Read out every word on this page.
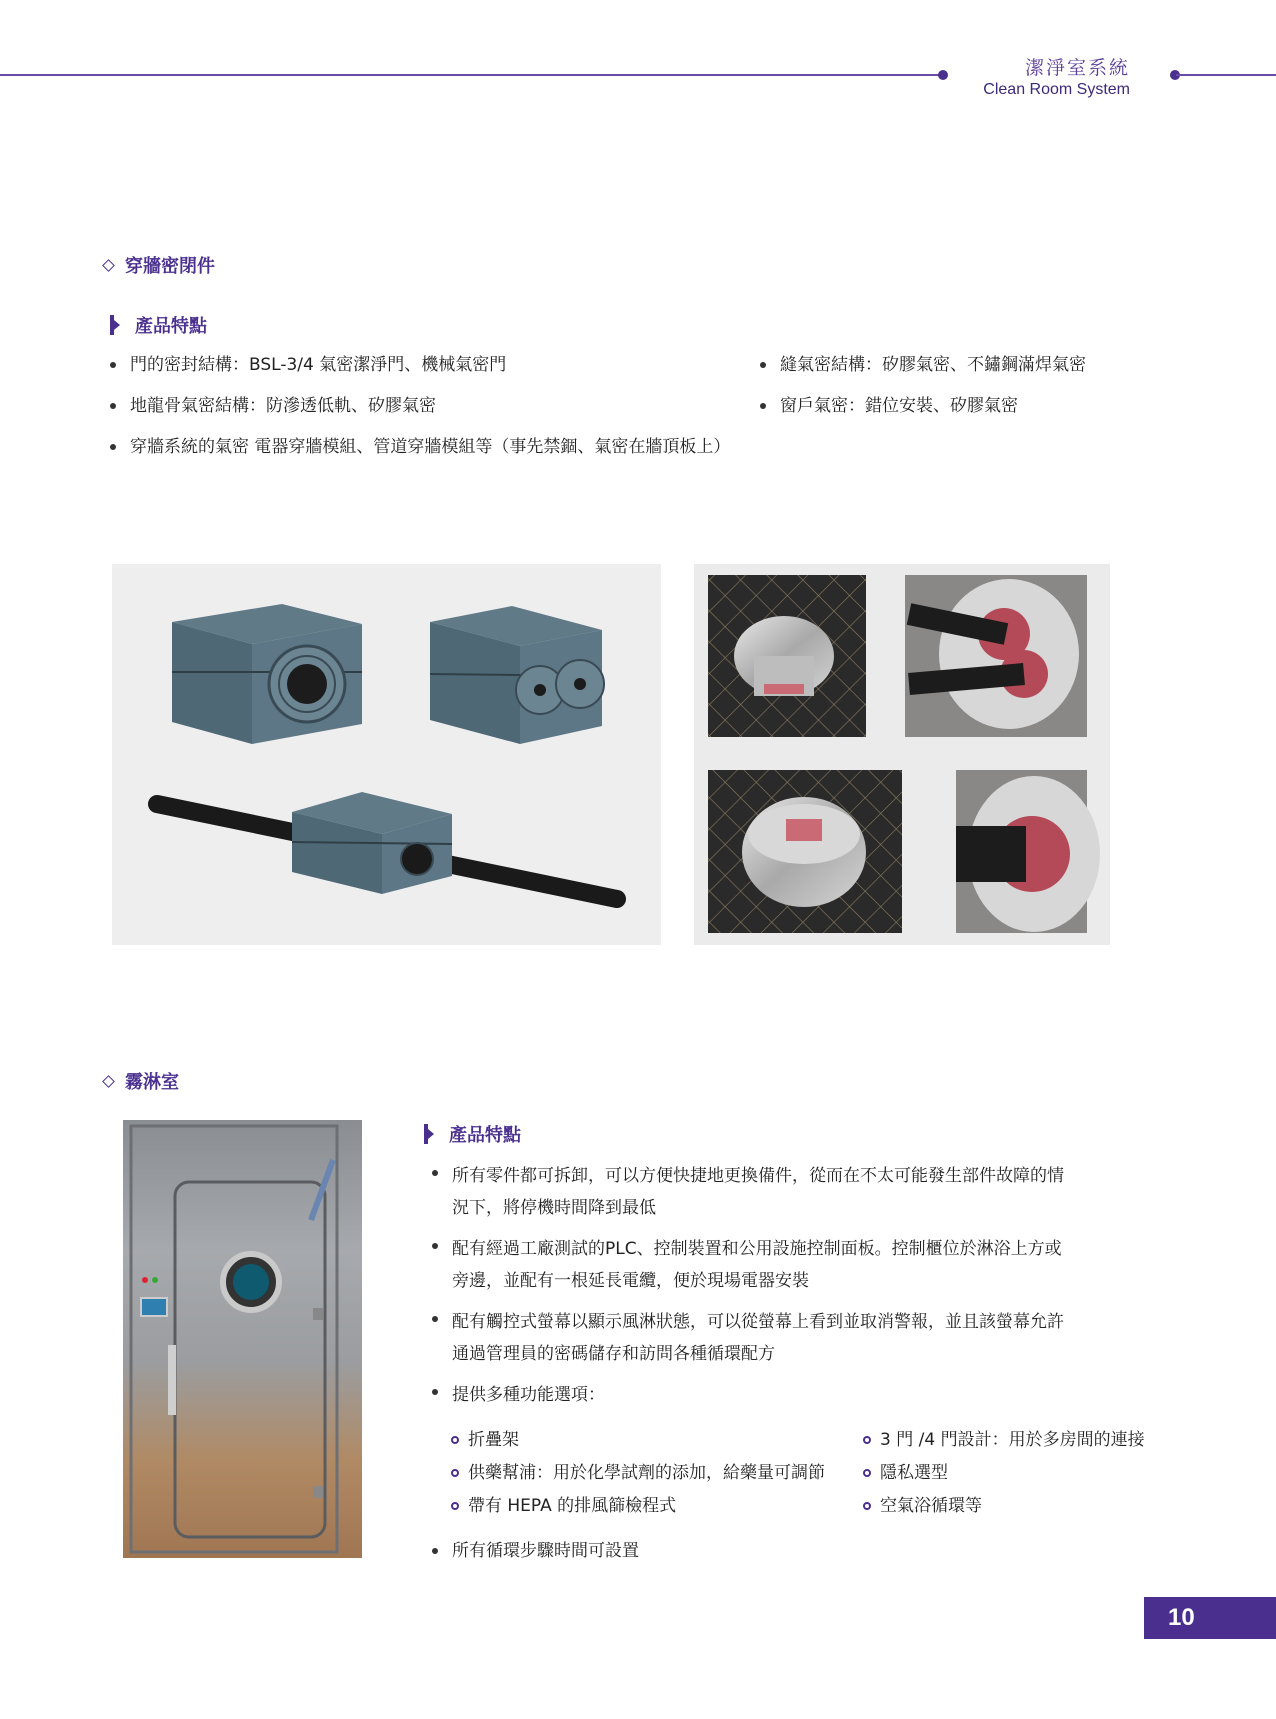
潔淨室系統
Clean Room System
穿牆密閉件
產品特點
門的密封結構：BSL-3/4 氣密潔淨門、機械氣密門
地龍骨氣密結構：防滲透低軌、矽膠氣密
穿牆系統的氣密 電器穿牆模組、管道穿牆模組等（事先禁錮、氣密在牆頂板上）
縫氣密結構：矽膠氣密、不鏽鋼滿焊氣密
窗戶氣密：錯位安裝、矽膠氣密
霧淋室
產品特點
所有零件都可拆卸，可以方便快捷地更換備件，從而在不太可能發生部件故障的情
況下，將停機時間降到最低
配有經過工廠測試的PLC、控制裝置和公用設施控制面板。控制櫃位於淋浴上方或
旁邊，並配有一根延長電纜，便於現場電器安裝
配有觸控式螢幕以顯示風淋狀態，可以從螢幕上看到並取消警報，並且該螢幕允許
通過管理員的密碼儲存和訪問各種循環配方
提供多種功能選項：
折疊架
供藥幫浦：用於化學試劑的添加，給藥量可調節
帶有 HEPA 的排風篩檢程式
3 門 /4 門設計：用於多房間的連接
隱私選型
空氣浴循環等
所有循環步驟時間可設置
10
